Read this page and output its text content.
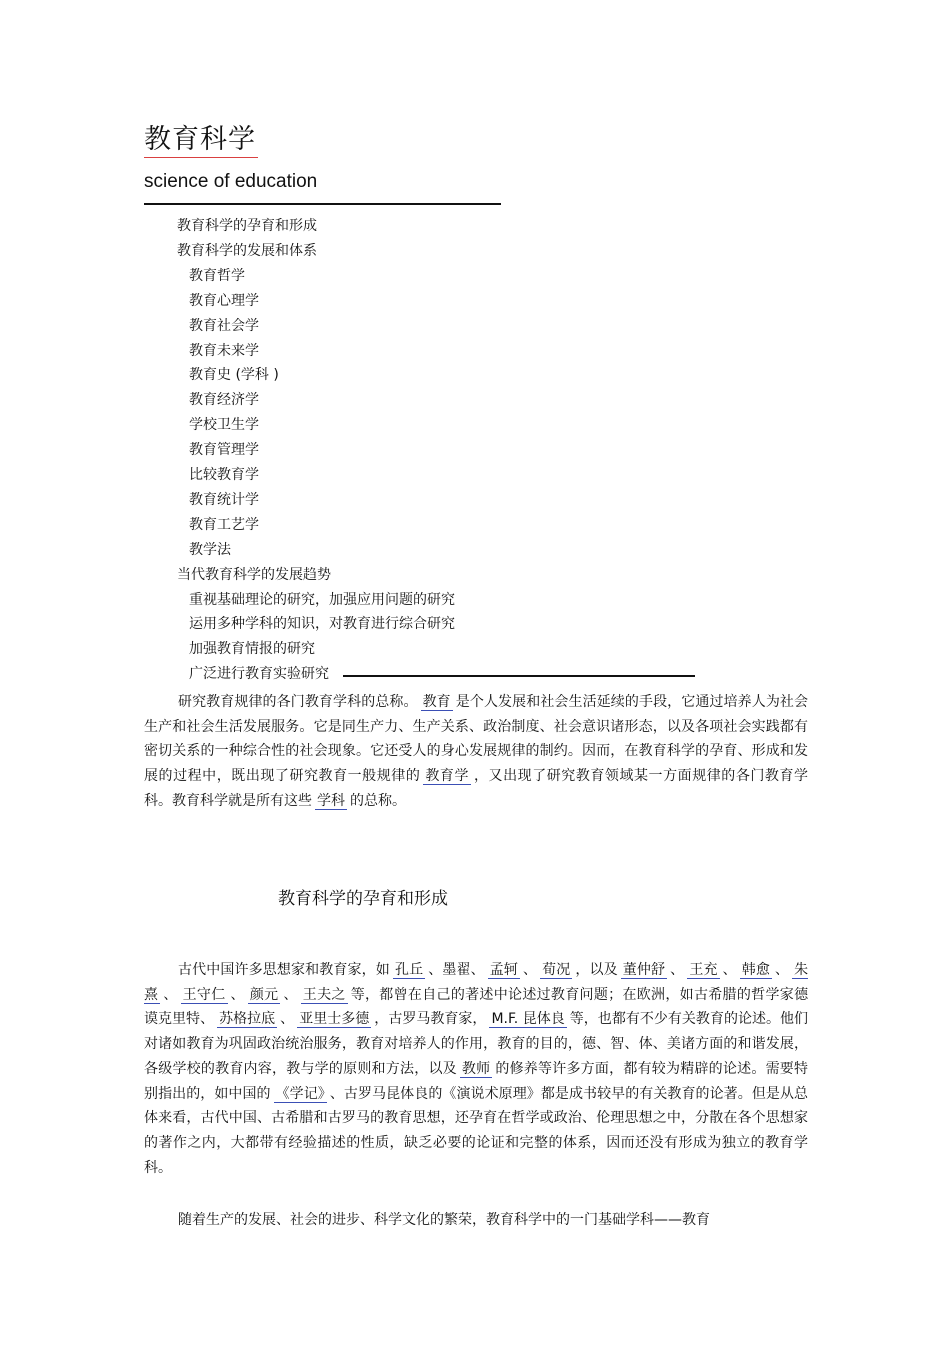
教育科学
science of education
教育科学的孕育和形成
教育科学的发展和体系
教育哲学
教育心理学
教育社会学
教育未来学
教育史 (学科 )
教育经济学
学校卫生学
教育管理学
比较教育学
教育统计学
教育工艺学
教学法
当代教育科学的发展趋势
重视基础理论的研究，加强应用问题的研究
运用多种学科的知识，对教育进行综合研究
加强教育情报的研究
广泛进行教育实验研究

研究教育规律的各门教育学科的总称。 教育 是个人发展和社会生活延续的手段，它通过培养人为社会生产和社会生活发展服务。它是同生产力、生产关系、政治制度、社会意识诸形态，以及各项社会实践都有密切关系的一种综合性的社会现象。它还受人的身心发展规律的制约。因而，在教育科学的孕育、形成和发展的过程中，既出现了研究教育一般规律的 教育学 ，又出现了研究教育领域某一方面规律的各门教育学科。教育科学就是所有这些 学科 的总称。

教育科学的孕育和形成

古代中国许多思想家和教育家，如 孔丘 、墨翟、 孟轲 、 荀况 ，以及 董仲舒 、 王充 、 韩愈 、 朱熹 、 王守仁 、 颜元 、 王夫之 等，都曾在自己的著述中论述过教育问题；在欧洲，如古希腊的哲学家德谟克里特、 苏格拉底 、 亚里士多德 ，古罗马教育家， M.F. 昆体良 等，也都有不少有关教育的论述。他们对诸如教育为巩固政治统治服务，教育对培养人的作用，教育的目的，德、智、体、美诸方面的和谐发展，各级学校的教育内容，教与学的原则和方法，以及 教师 的修养等许多方面，都有较为精辟的论述。需要特别指出的，如中国的 《学记》 、古罗马昆体良的《演说术原理》都是成书较早的有关教育的论著。但是从总体来看，古代中国、古希腊和古罗马的教育思想，还孕育在哲学或政治、伦理思想之中，分散在各个思想家的著作之内，大都带有经验描述的性质，缺乏必要的论证和完整的体系，因而还没有形成为独立的教育学科。

随着生产的发展、社会的进步、科学文化的繁荣，教育科学中的一门基础学科——教育
